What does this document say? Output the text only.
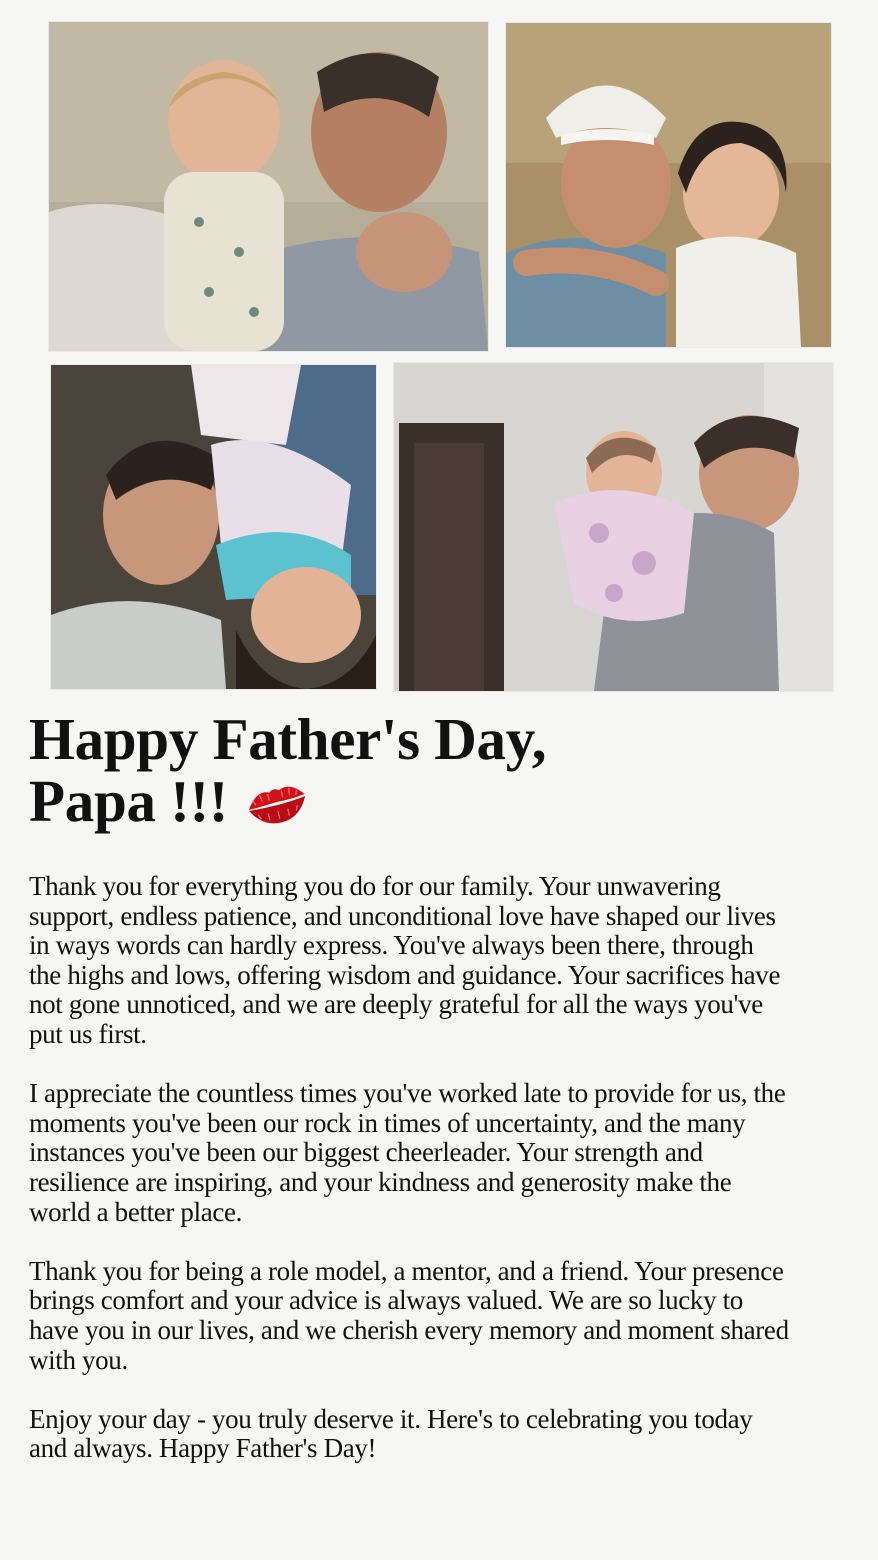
Happy Father's Day,
Papa !!!

Thank you for everything you do for our family. Your unwavering support, endless patience, and unconditional love have shaped our lives in ways words can hardly express. You've always been there, through the highs and lows, offering wisdom and guidance. Your sacrifices have not gone unnoticed, and we are deeply grateful for all the ways you've put us first.

I appreciate the countless times you've worked late to provide for us, the moments you've been our rock in times of uncertainty, and the many instances you've been our biggest cheerleader. Your strength and resilience are inspiring, and your kindness and generosity make the world a better place.

Thank you for being a role model, a mentor, and a friend. Your presence brings comfort and your advice is always valued. We are so lucky to have you in our lives, and we cherish every memory and moment shared with you.

Enjoy your day - you truly deserve it. Here's to celebrating you today and always. Happy Father's Day!
